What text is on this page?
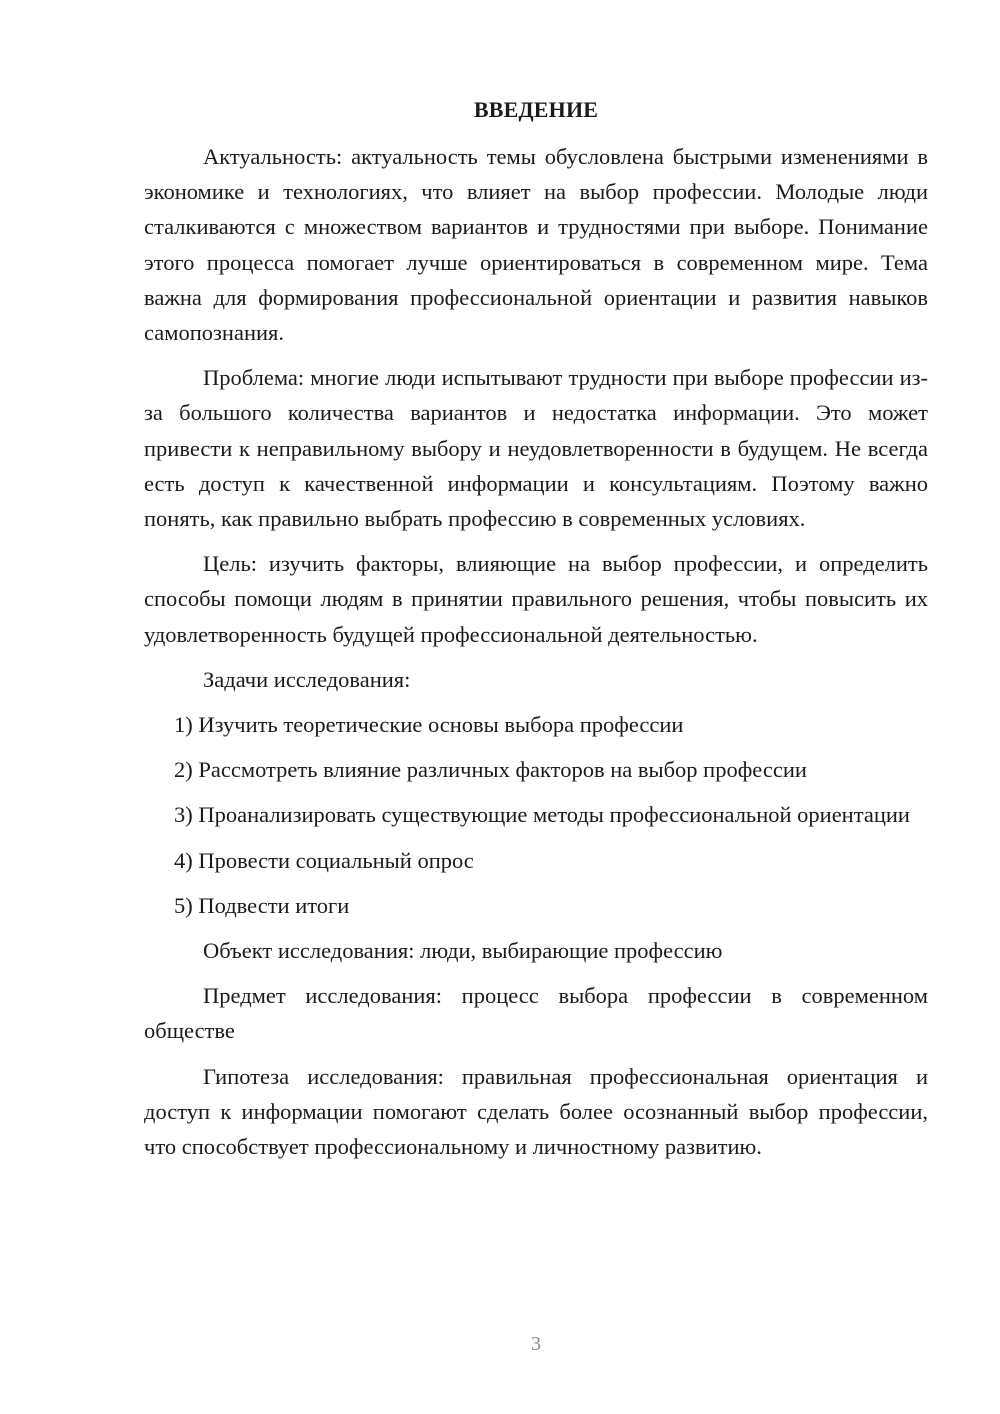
ВВЕДЕНИЕ

Актуальность: актуальность темы обусловлена быстрыми изменениями в экономике и технологиях, что влияет на выбор профессии. Молодые люди сталкиваются с множеством вариантов и трудностями при выборе. Понимание этого процесса помогает лучше ориентироваться в современном мире. Тема важна для формирования профессиональной ориентации и развития навыков самопознания.

Проблема: многие люди испытывают трудности при выборе профессии из-за большого количества вариантов и недостатка информации. Это может привести к неправильному выбору и неудовлетворенности в будущем. Не всегда есть доступ к качественной информации и консультациям. Поэтому важно понять, как правильно выбрать профессию в современных условиях.

Цель: изучить факторы, влияющие на выбор профессии, и определить способы помощи людям в принятии правильного решения, чтобы повысить их удовлетворенность будущей профессиональной деятельностью.

Задачи исследования:

1) Изучить теоретические основы выбора профессии

2) Рассмотреть влияние различных факторов на выбор профессии

3) Проанализировать существующие методы профессиональной ориентации

4) Провести социальный опрос

5) Подвести итоги

Объект исследования: люди, выбирающие профессию

Предмет исследования: процесс выбора профессии в современном обществе

Гипотеза исследования: правильная профессиональная ориентация и доступ к информации помогают сделать более осознанный выбор профессии, что способствует профессиональному и личностному развитию.

3
